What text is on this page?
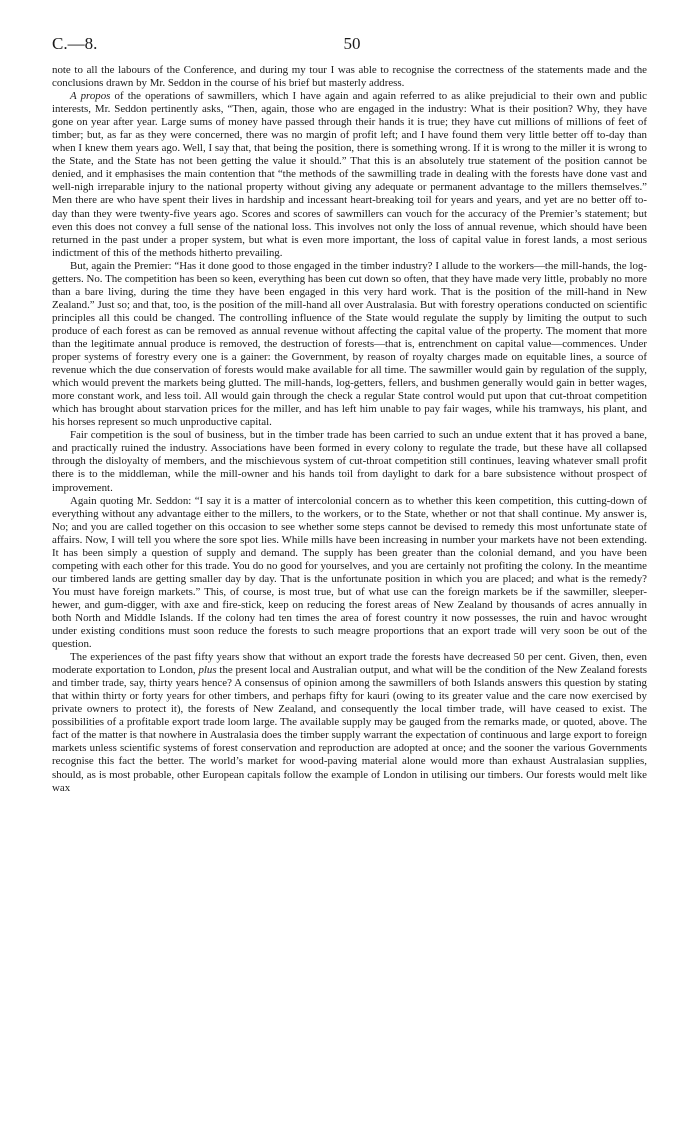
C.—8.	50

note to all the labours of the Conference, and during my tour I was able to recognise the correctness of the statements made and the conclusions drawn by Mr. Seddon in the course of his brief but masterly address.

A propos of the operations of sawmillers, which I have again and again referred to as alike prejudicial to their own and public interests, Mr. Seddon pertinently asks, “Then, again, those who are engaged in the industry: What is their position? Why, they have gone on year after year. Large sums of money have passed through their hands it is true; they have cut millions of millions of feet of timber; but, as far as they were concerned, there was no margin of profit left; and I have found them very little better off to-day than when I knew them years ago. Well, I say that, that being the position, there is something wrong. If it is wrong to the miller it is wrong to the State, and the State has not been getting the value it should.” That this is an absolutely true statement of the position cannot be denied, and it emphasises the main contention that “the methods of the sawmilling trade in dealing with the forests have done vast and well-nigh irreparable injury to the national property without giving any adequate or permanent advantage to the millers themselves.” Men there are who have spent their lives in hardship and incessant heart-breaking toil for years and years, and yet are no better off to-day than they were twenty-five years ago. Scores and scores of sawmillers can vouch for the accuracy of the Premier’s statement; but even this does not convey a full sense of the national loss. This involves not only the loss of annual revenue, which should have been returned in the past under a proper system, but what is even more important, the loss of capital value in forest lands, a most serious indictment of this of the methods hitherto prevailing.

But, again the Premier: “Has it done good to those engaged in the timber industry? I allude to the workers—the mill-hands, the log-getters. No. The competition has been so keen, everything has been cut down so often, that they have made very little, probably no more than a bare living, during the time they have been engaged in this very hard work. That is the position of the mill-hand in New Zealand.” Just so; and that, too, is the position of the mill-hand all over Australasia. But with forestry operations conducted on scientific principles all this could be changed. The controlling influence of the State would regulate the supply by limiting the output to such produce of each forest as can be removed as annual revenue without affecting the capital value of the property. The moment that more than the legitimate annual produce is removed, the destruction of forests—that is, entrenchment on capital value—commences. Under proper systems of forestry every one is a gainer: the Government, by reason of royalty charges made on equitable lines, a source of revenue which the due conservation of forests would make available for all time. The sawmiller would gain by regulation of the supply, which would prevent the markets being glutted. The mill-hands, log-getters, fellers, and bushmen generally would gain in better wages, more constant work, and less toil. All would gain through the check a regular State control would put upon that cut-throat competition which has brought about starvation prices for the miller, and has left him unable to pay fair wages, while his tramways, his plant, and his horses represent so much unproductive capital.

Fair competition is the soul of business, but in the timber trade has been carried to such an undue extent that it has proved a bane, and practically ruined the industry. Associations have been formed in every colony to regulate the trade, but these have all collapsed through the disloyalty of members, and the mischievous system of cut-throat competition still continues, leaving whatever small profit there is to the middleman, while the mill-owner and his hands toil from daylight to dark for a bare subsistence without prospect of improvement.

Again quoting Mr. Seddon: “I say it is a matter of intercolonial concern as to whether this keen competition, this cutting-down of everything without any advantage either to the millers, to the workers, or to the State, whether or not that shall continue. My answer is, No; and you are called together on this occasion to see whether some steps cannot be devised to remedy this most unfortunate state of affairs. Now, I will tell you where the sore spot lies. While mills have been increasing in number your markets have not been extending. It has been simply a question of supply and demand. The supply has been greater than the colonial demand, and you have been competing with each other for this trade. You do no good for yourselves, and you are certainly not profiting the colony. In the meantime our timbered lands are getting smaller day by day. That is the unfortunate position in which you are placed; and what is the remedy? You must have foreign markets.” This, of course, is most true, but of what use can the foreign markets be if the sawmiller, sleeper-hewer, and gum-digger, with axe and fire-stick, keep on reducing the forest areas of New Zealand by thousands of acres annually in both North and Middle Islands. If the colony had ten times the area of forest country it now possesses, the ruin and havoc wrought under existing conditions must soon reduce the forests to such meagre proportions that an export trade will very soon be out of the question.

The experiences of the past fifty years show that without an export trade the forests have decreased 50 per cent. Given, then, even moderate exportation to London, plus the present local and Australian output, and what will be the condition of the New Zealand forests and timber trade, say, thirty years hence? A consensus of opinion among the sawmillers of both Islands answers this question by stating that within thirty or forty years for other timbers, and perhaps fifty for kauri (owing to its greater value and the care now exercised by private owners to protect it), the forests of New Zealand, and consequently the local timber trade, will have ceased to exist. The possibilities of a profitable export trade loom large. The available supply may be gauged from the remarks made, or quoted, above. The fact of the matter is that nowhere in Australasia does the timber supply warrant the expectation of continuous and large export to foreign markets unless scientific systems of forest conservation and reproduction are adopted at once; and the sooner the various Governments recognise this fact the better. The world’s market for wood-paving material alone would more than exhaust Australasian supplies, should, as is most probable, other European capitals follow the example of London in utilising our timbers. Our forests would melt like wax
